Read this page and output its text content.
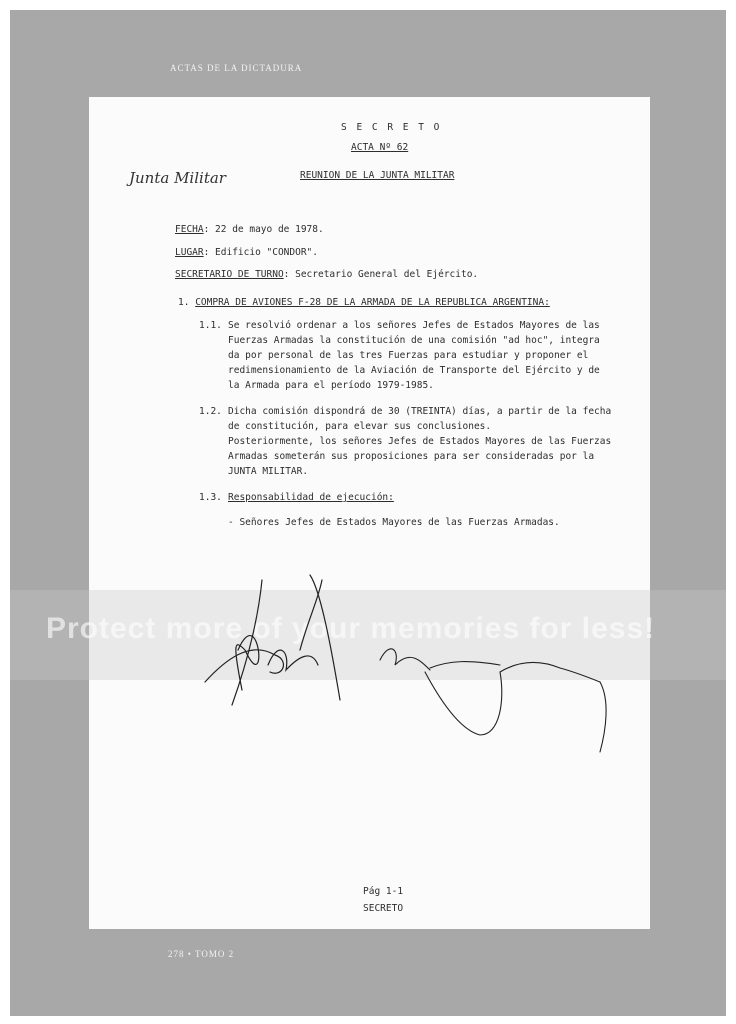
ACTAS DE LA DICTADURA
S E C R E T O
ACTA Nº 62
Junta Militar	REUNION DE LA JUNTA MILITAR
FECHA: 22 de mayo de 1978.
LUGAR: Edificio "CONDOR".
SECRETARIO DE TURNO: Secretario General del Ejército.
1. COMPRA DE AVIONES F-28 DE LA ARMADA DE LA REPUBLICA ARGENTINA:
1.1. Se resolvió ordenar a los señores Jefes de Estados Mayores de las
Fuerzas Armadas la constitución de una comisión "ad hoc", integra
da por personal de las tres Fuerzas para estudiar y proponer el
redimensionamiento de la Aviación de Transporte del Ejército y de
la Armada para el período 1979-1985.
1.2. Dicha comisión dispondrá de 30 (TREINTA) días, a partir de la fecha
de constitución, para elevar sus conclusiones.
Posteriormente, los señores Jefes de Estados Mayores de las Fuerzas
Armadas someterán sus proposiciones para ser consideradas por la
JUNTA MILITAR.
1.3. Responsabilidad de ejecución:
- Señores Jefes de Estados Mayores de las Fuerzas Armadas.
Pág 1-1
SECRETO
Protect more of your memories for less!
278 • TOMO 2
